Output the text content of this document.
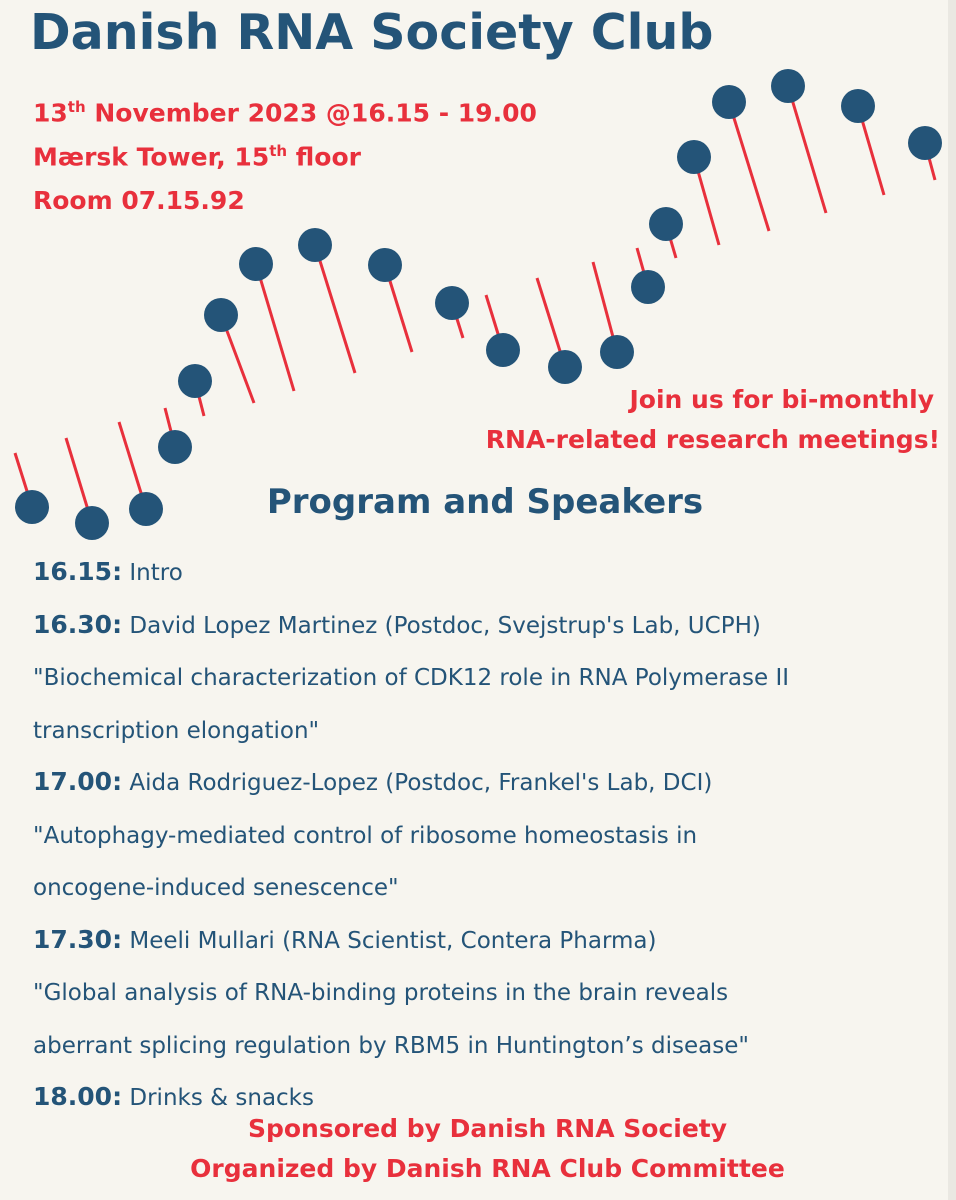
Danish RNA Society Club
13th November 2023 @16.15 - 19.00
Mærsk Tower, 15th floor
Room 07.15.92
Join us for bi-monthly
RNA-related research meetings!
Program and Speakers
16.15: Intro
16.30: David Lopez Martinez (Postdoc, Svejstrup's Lab, UCPH)
"Biochemical characterization of CDK12 role in RNA Polymerase II
transcription elongation"
17.00: Aida Rodriguez-Lopez (Postdoc, Frankel's Lab, DCI)
"Autophagy-mediated control of ribosome homeostasis in
oncogene-induced senescence"
17.30: Meeli Mullari (RNA Scientist, Contera Pharma)
"Global analysis of RNA-binding proteins in the brain reveals
aberrant splicing regulation by RBM5 in Huntington’s disease"
18.00: Drinks & snacks
Sponsored by Danish RNA Society
Organized by Danish RNA Club Committee
